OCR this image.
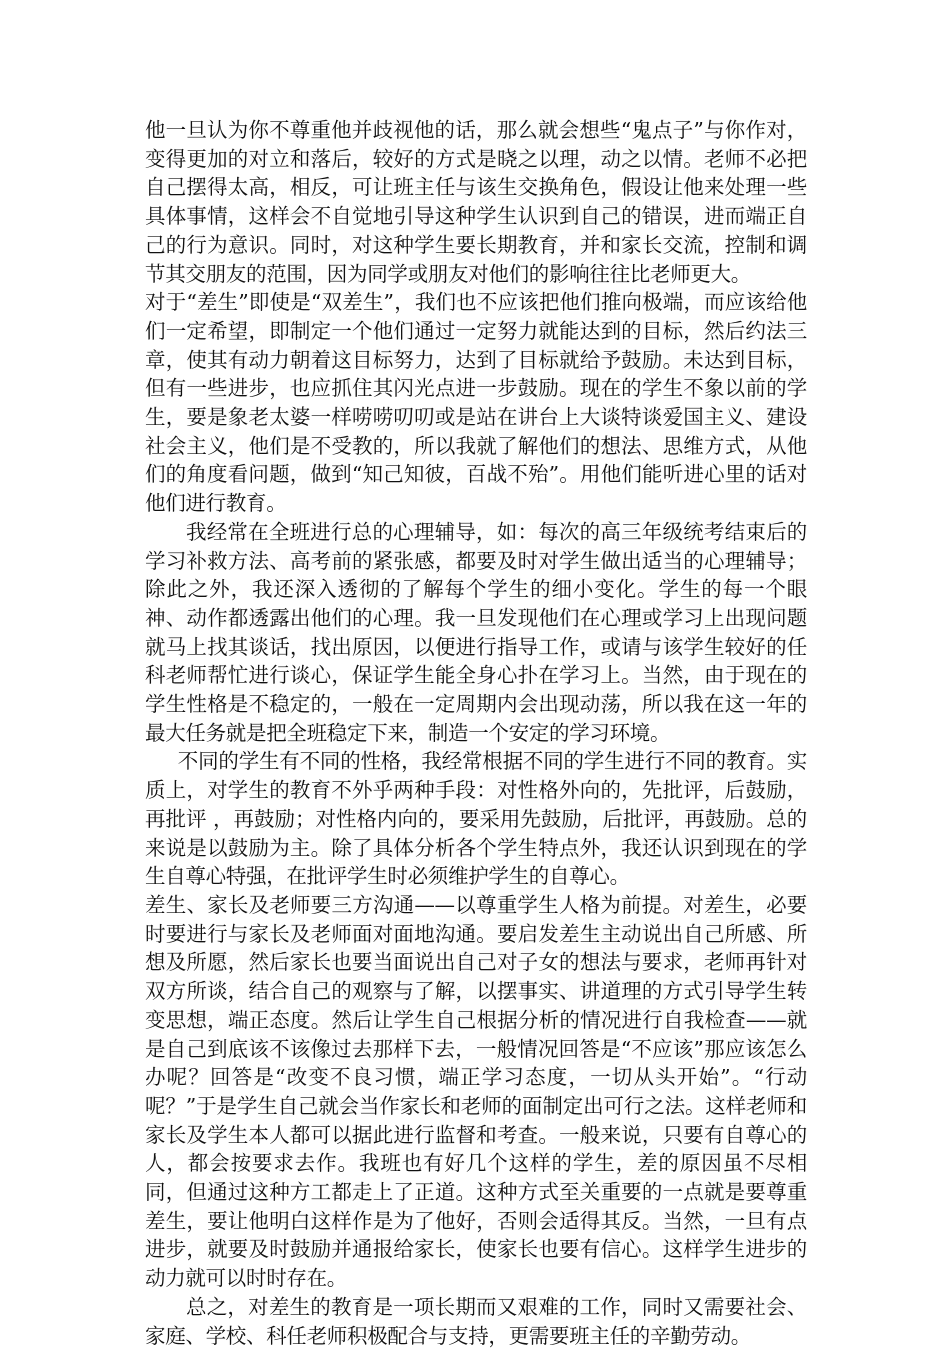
他一旦认为你不尊重他并歧视他的话，那么就会想些“鬼点子”与你作对，变得更加的对立和落后，较好的方式是晓之以理，动之以情。老师不必把自己摆得太高，相反，可让班主任与该生交换角色，假设让他来处理一些具体事情，这样会不自觉地引导这种学生认识到自己的错误，进而端正自己的行为意识。同时，对这种学生要长期教育，并和家长交流，控制和调节其交朋友的范围，因为同学或朋友对他们的影响往往比老师更大。

对于“差生”即使是“双差生”，我们也不应该把他们推向极端，而应该给他们一定希望，即制定一个他们通过一定努力就能达到的目标，然后约法三章，使其有动力朝着这目标努力，达到了目标就给予鼓励。未达到目标，但有一些进步，也应抓住其闪光点进一步鼓励。现在的学生不象以前的学生，要是象老太婆一样唠唠叨叨或是站在讲台上大谈特谈爱国主义、建设社会主义，他们是不受教的，所以我就了解他们的想法、思维方式，从他们的角度看问题，做到“知己知彼，百战不殆”。用他们能听进心里的话对他们进行教育。

我经常在全班进行总的心理辅导，如：每次的高三年级统考结束后的学习补救方法、高考前的紧张感，都要及时对学生做出适当的心理辅导；除此之外，我还深入透彻的了解每个学生的细小变化。学生的每一个眼神、动作都透露出他们的心理。我一旦发现他们在心理或学习上出现问题就马上找其谈话，找出原因，以便进行指导工作，或请与该学生较好的任科老师帮忙进行谈心，保证学生能全身心扑在学习上。当然，由于现在的学生性格是不稳定的，一般在一定周期内会出现动荡，所以我在这一年的最大任务就是把全班稳定下来，制造一个安定的学习环境。

不同的学生有不同的性格，我经常根据不同的学生进行不同的教育。实质上，对学生的教育不外乎两种手段：对性格外向的，先批评，后鼓励，再批评 ，再鼓励；对性格内向的，要采用先鼓励，后批评，再鼓励。总的来说是以鼓励为主。除了具体分析各个学生特点外，我还认识到现在的学生自尊心特强，在批评学生时必须维护学生的自尊心。

差生、家长及老师要三方沟通——以尊重学生人格为前提。对差生，必要时要进行与家长及老师面对面地沟通。要启发差生主动说出自己所感、所想及所愿，然后家长也要当面说出自己对子女的想法与要求，老师再针对双方所谈，结合自己的观察与了解，以摆事实、讲道理的方式引导学生转变思想，端正态度。然后让学生自己根据分析的情况进行自我检查——就是自己到底该不该像过去那样下去，一般情况回答是“不应该”那应该怎么办呢？回答是“改变不良习惯，端正学习态度，一切从头开始”。“行动呢？”于是学生自己就会当作家长和老师的面制定出可行之法。这样老师和家长及学生本人都可以据此进行监督和考查。一般来说，只要有自尊心的人，都会按要求去作。我班也有好几个这样的学生，差的原因虽不尽相同，但通过这种方工都走上了正道。这种方式至关重要的一点就是要尊重差生，要让他明白这样作是为了他好，否则会适得其反。当然，一旦有点进步，就要及时鼓励并通报给家长，使家长也要有信心。这样学生进步的动力就可以时时存在。

总之，对差生的教育是一项长期而又艰难的工作，同时又需要社会、家庭、学校、科任老师积极配合与支持，更需要班主任的辛勤劳动。
